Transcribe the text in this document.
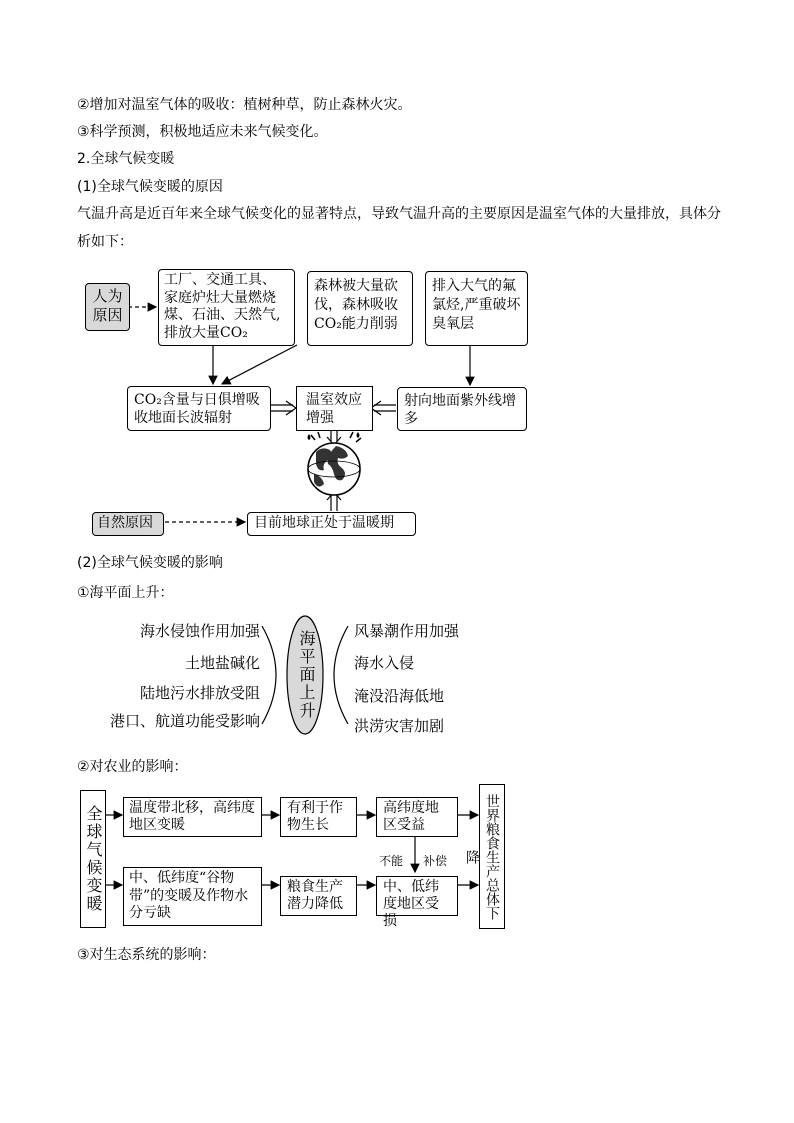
②增加对温室气体的吸收：植树种草，防止森林火灾。
③科学预测，积极地适应未来气候变化。
2.全球气候变暖
(1)全球气候变暖的原因
气温升高是近百年来全球气候变化的显著特点，导致气温升高的主要原因是温室气体的大量排放，具体分
析如下：
人为原因
工厂、交通工具、家庭炉灶大量燃烧煤、石油、天然气,排放大量CO₂
森林被大量砍伐，森林吸收CO₂能力削弱
排入大气的氟氯烃,严重破坏臭氧层
CO₂含量与日俱增吸收地面长波辐射
温室效应增强
射向地面紫外线增多
自然原因	目前地球正处于温暖期
(2)全球气候变暖的影响
①海平面上升：
海平面上升
海水侵蚀作用加强
土地盐碱化
陆地污水排放受阻
港口、航道功能受影响
风暴潮作用加强
海水入侵
淹没沿海低地
洪涝灾害加剧
②对农业的影响：
全球气候变暖	温度带北移，高纬度地区变暖
有利于作物生长
高纬度地区受益
不能 补偿
中、低纬度“谷物带”的变暖及作物水分亏缺
粮食生产潜力降低
中、低纬度地区受损
世界粮食生产总体下降
③对生态系统的影响：
